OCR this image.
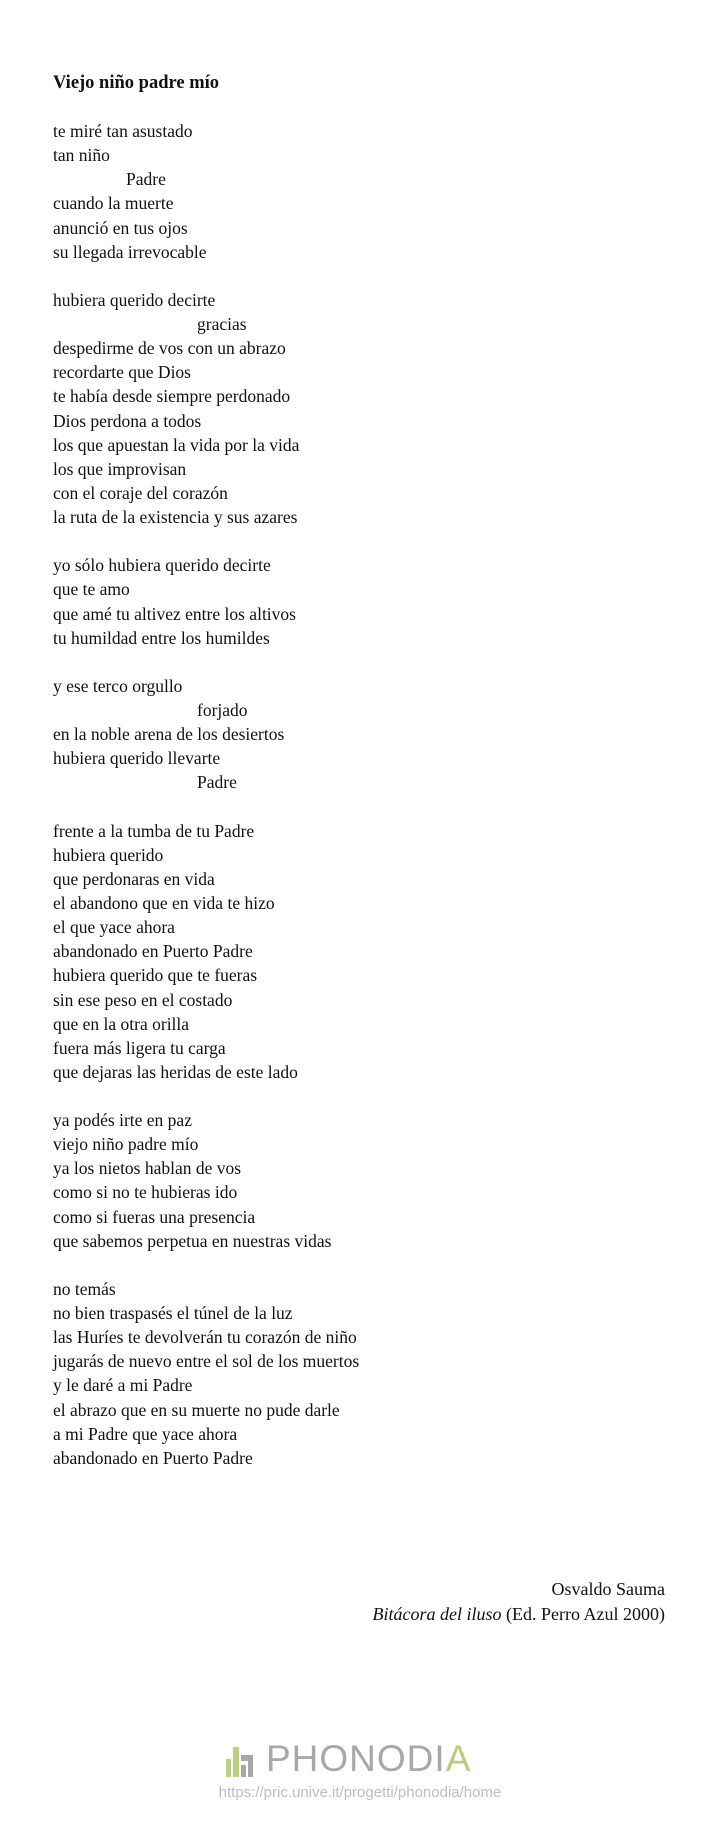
Viejo niño padre mío
te miré tan asustado
tan niño
Padre
cuando la muerte
anunció en tus ojos
su llegada irrevocable
hubiera querido decirte
gracias
despedirme de vos con un abrazo
recordarte que Dios
te había desde siempre perdonado
Dios perdona a todos
los que apuestan la vida por la vida
los que improvisan
con el coraje del corazón
la ruta de la existencia y sus azares
yo sólo hubiera querido decirte
que te amo
que amé tu altivez entre los altivos
tu humildad entre los humildes
y ese terco orgullo
forjado
en la noble arena de los desiertos
hubiera querido llevarte
Padre
frente a la tumba de tu Padre
hubiera querido
que perdonaras en vida
el abandono que en vida te hizo
el que yace ahora
abandonado en Puerto Padre
hubiera querido que te fueras
sin ese peso en el costado
que en la otra orilla
fuera más ligera tu carga
que dejaras las heridas de este lado
ya podés irte en paz
viejo niño padre mío
ya los nietos hablan de vos
como si no te hubieras ido
como si fueras una presencia
que sabemos perpetua en nuestras vidas
no temás
no bien traspasés el túnel de la luz
las Huríes te devolverán tu corazón de niño
jugarás de nuevo entre el sol de los muertos
y le daré a mi Padre
el abrazo que en su muerte no pude darle
a mi Padre que yace ahora
abandonado en Puerto Padre
Osvaldo Sauma
Bitácora del iluso (Ed. Perro Azul 2000)
PHONODIA
https://pric.unive.it/progetti/phonodia/home
